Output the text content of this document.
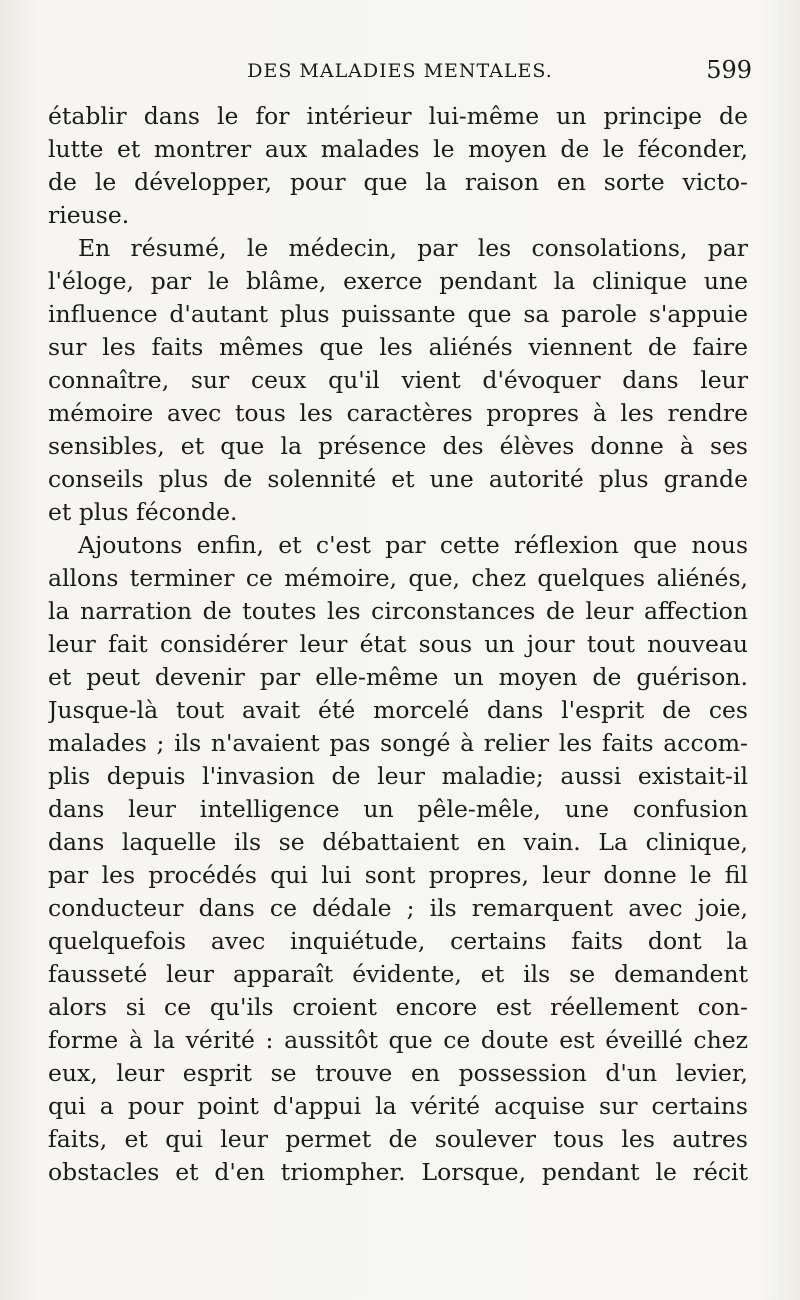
DES MALADIES MENTALES.	599
établir dans le for intérieur lui-même un principe de
lutte et montrer aux malades le moyen de le féconder,
de le développer, pour que la raison en sorte victo-
rieuse.
En résumé, le médecin, par les consolations, par
l'éloge, par le blâme, exerce pendant la clinique une
influence d'autant plus puissante que sa parole s'appuie
sur les faits mêmes que les aliénés viennent de faire
connaître, sur ceux qu'il vient d'évoquer dans leur
mémoire avec tous les caractères propres à les rendre
sensibles, et que la présence des élèves donne à ses
conseils plus de solennité et une autorité plus grande
et plus féconde.
Ajoutons enfin, et c'est par cette réflexion que nous
allons terminer ce mémoire, que, chez quelques aliénés,
la narration de toutes les circonstances de leur affection
leur fait considérer leur état sous un jour tout nouveau
et peut devenir par elle-même un moyen de guérison.
Jusque-là tout avait été morcelé dans l'esprit de ces
malades ; ils n'avaient pas songé à relier les faits accom-
plis depuis l'invasion de leur maladie; aussi existait-il
dans leur intelligence un pêle-mêle, une confusion
dans laquelle ils se débattaient en vain. La clinique,
par les procédés qui lui sont propres, leur donne le fil
conducteur dans ce dédale ; ils remarquent avec joie,
quelquefois avec inquiétude, certains faits dont la
fausseté leur apparaît évidente, et ils se demandent
alors si ce qu'ils croient encore est réellement con-
forme à la vérité : aussitôt que ce doute est éveillé chez
eux, leur esprit se trouve en possession d'un levier,
qui a pour point d'appui la vérité acquise sur certains
faits, et qui leur permet de soulever tous les autres
obstacles et d'en triompher. Lorsque, pendant le récit
